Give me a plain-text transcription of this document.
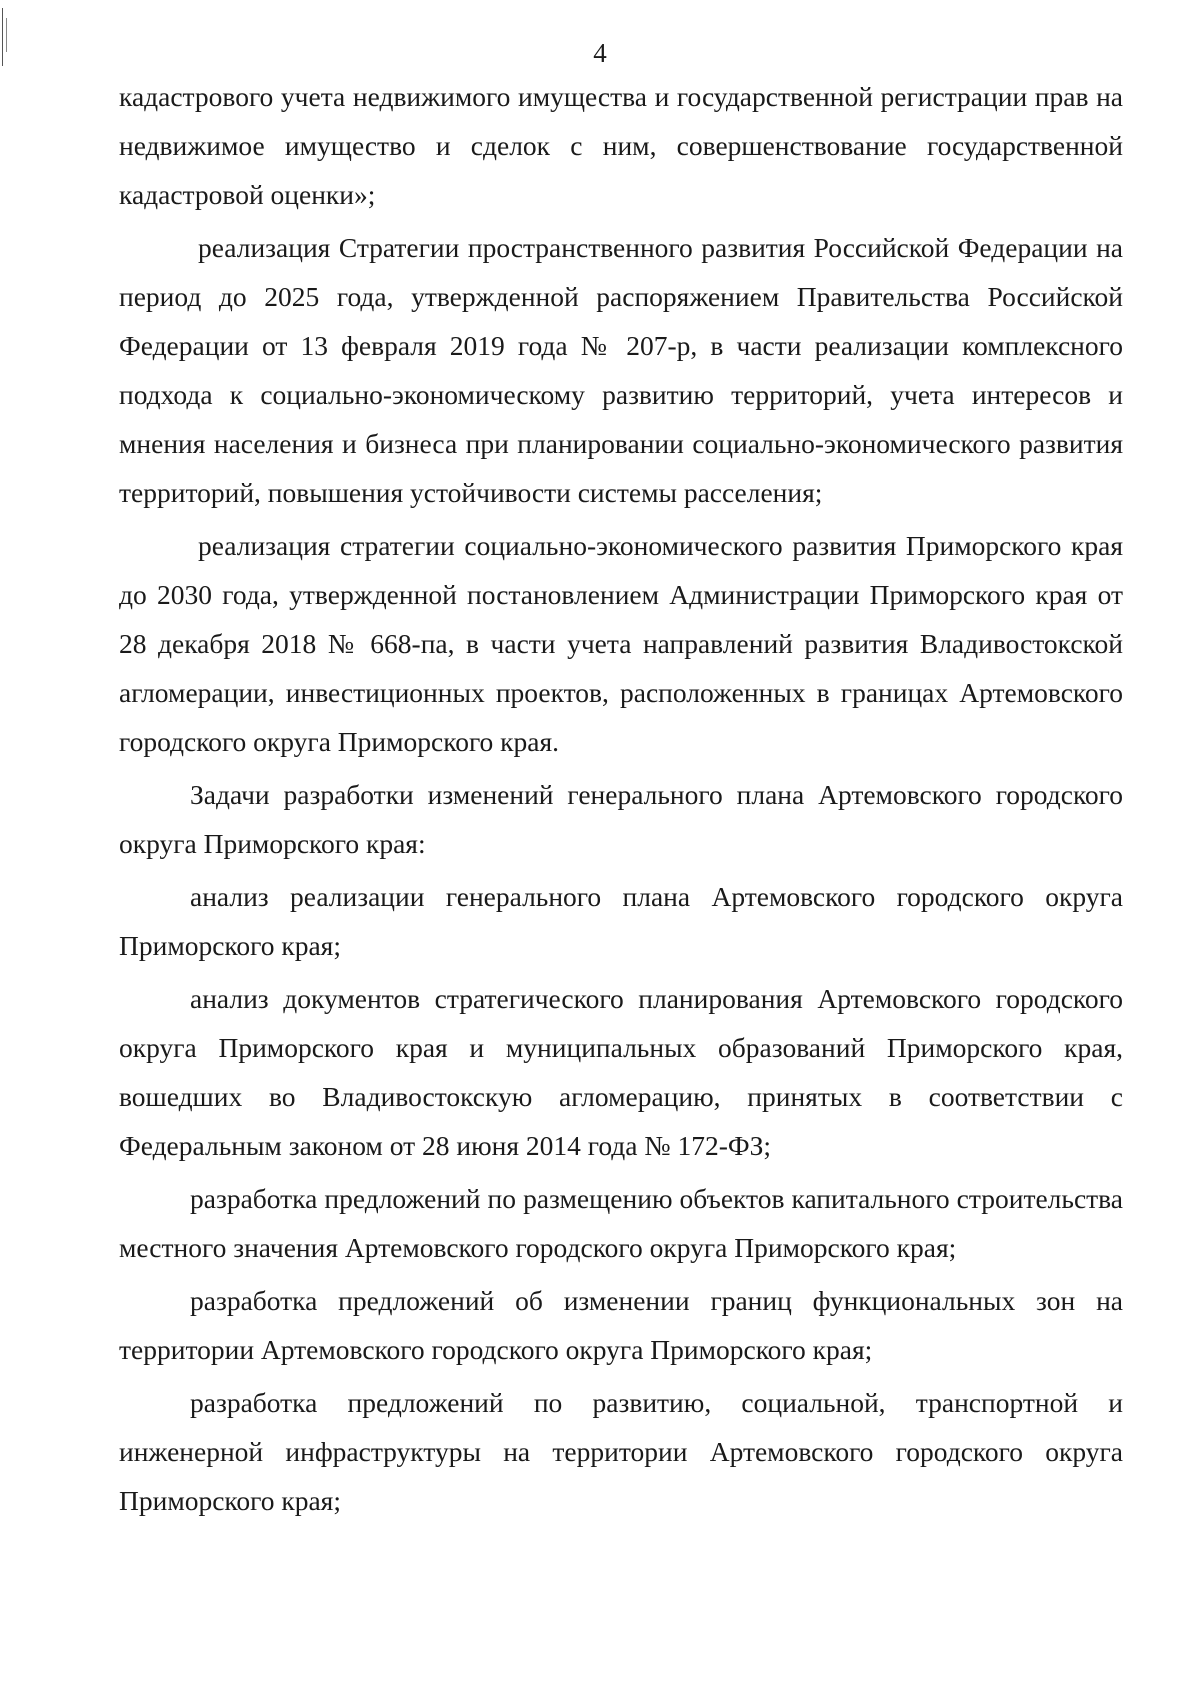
4

кадастрового учета недвижимого имущества и государственной регистрации прав на недвижимое имущество и сделок с ним, совершенствование государственной кадастровой оценки»;

реализация Стратегии пространственного развития Российской Федерации на период до 2025 года, утвержденной распоряжением Правительства Российской Федерации от 13 февраля 2019 года № 207-р, в части реализации комплексного подхода к социально-экономическому развитию территорий, учета интересов и мнения населения и бизнеса при планировании социально-экономического развития территорий, повышения устойчивости системы расселения;

реализация стратегии социально-экономического развития Приморского края до 2030 года, утвержденной постановлением Администрации Приморского края от 28 декабря 2018 № 668-па, в части учета направлений развития Владивостокской агломерации, инвестиционных проектов, расположенных в границах Артемовского городского округа Приморского края.

Задачи разработки изменений генерального плана Артемовского городского округа Приморского края:

анализ реализации генерального плана Артемовского городского округа Приморского края;

анализ документов стратегического планирования Артемовского городского округа Приморского края и муниципальных образований Приморского края, вошедших во Владивостокскую агломерацию, принятых в соответствии с Федеральным законом от 28 июня 2014 года № 172-ФЗ;

разработка предложений по размещению объектов капитального строительства местного значения Артемовского городского округа Приморского края;

разработка предложений об изменении границ функциональных зон на территории Артемовского городского округа Приморского края;

разработка предложений по развитию, социальной, транспортной и инженерной инфраструктуры на территории Артемовского городского округа Приморского края;
